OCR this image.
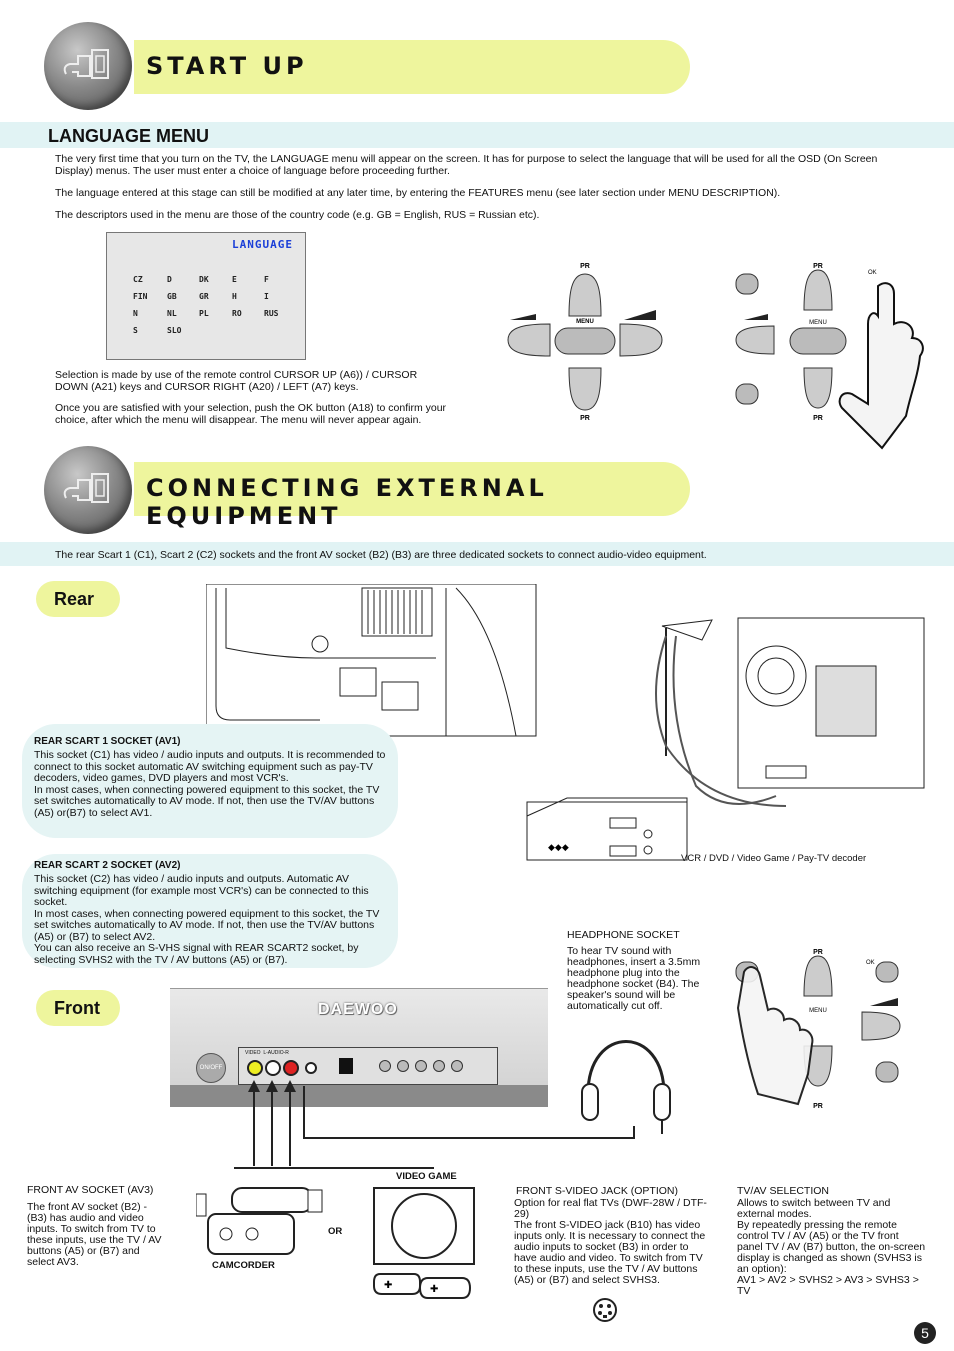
START UP
LANGUAGE MENU
The very first time that you turn on the TV, the LANGUAGE menu will appear on the screen. It has for purpose to select the language that will be used for all the OSD (On Screen Display) menus. The user must enter a choice of language before proceeding further.
The language entered at this stage can still be modified at any later time, by entering the FEATURES menu (see later section under MENU DESCRIPTION).
The descriptors used in the menu are those of the country code (e.g. GB = English, RUS = Russian etc).
LANGUAGE
CZ	D	DK	E	F
FIN	GB	GR	H	I
N	NL	PL	RO	RUS
S	SLO
Selection is made by use of the remote control CURSOR UP (A6)) / CURSOR DOWN (A21) keys and CURSOR RIGHT (A20) / LEFT (A7) keys.
Once you are satisfied with your selection, push the OK button (A18) to confirm your choice, after which the menu will disappear. The menu will never appear again.
PR
MENU
PR
PR
MENU
PR
OK
CONNECTING EXTERNAL EQUIPMENT
The rear Scart 1 (C1), Scart 2 (C2) sockets and the front AV socket (B2) (B3) are three dedicated sockets to connect audio-video equipment.
Rear
◆◆◆
VCR / DVD / Video Game / Pay-TV decoder
REAR SCART 1 SOCKET (AV1)

This socket (C1) has video / audio inputs and outputs. It is recommended to connect to this socket automatic AV switching equipment such as pay-TV decoders, video games, DVD players and most VCR's.
In most cases, when connecting powered equipment to this socket, the TV set switches automatically to AV mode. If not, then use the TV/AV buttons (A5) or(B7) to select AV1.

REAR SCART 2 SOCKET (AV2)

This socket (C2) has video / audio inputs and outputs. Automatic AV switching equipment (for example most VCR's) can be connected to this socket.
In most cases, when connecting powered equipment to this socket, the TV set switches automatically to AV mode. If not, then use the TV/AV buttons (A5) or (B7) to select AV2.
You can also receive an S-VHS signal with REAR SCART2 socket, by selecting SVHS2 with the TV / AV buttons (A5) or (B7).

HEADPHONE SOCKET
To hear TV sound with headphones, insert a 3.5mm headphone plug into the headphone socket (B4). The speaker's sound will be automatically cut off.
PR
MENU
PR
OK
Front	DAEWOO
ON/OFF
VIDEO  L-AUDIO-R
OR
CAMCORDER
VIDEO GAME
✚	✚
FRONT AV SOCKET (AV3)
The front AV socket (B2) - (B3) has audio and video inputs. To switch from TV to these inputs, use the TV / AV buttons (A5) or (B7) and select AV3.
FRONT S-VIDEO JACK (OPTION)
Option for real flat TVs (DWF-28W / DTF-29)
The front S-VIDEO jack (B10) has video inputs only. It is necessary to connect the audio inputs to socket (B3) in order to have audio and video. To switch from TV to these inputs, use the TV / AV buttons (A5) or (B7) and select SVHS3.
TV/AV SELECTION
Allows to switch between TV and external modes.
By repeatedly pressing the remote control TV / AV (A5) or the TV front panel TV / AV (B7) button, the on-screen display is changed as shown (SVHS3 is an option):
AV1 > AV2 > SVHS2 > AV3 > SVHS3 > TV
5
